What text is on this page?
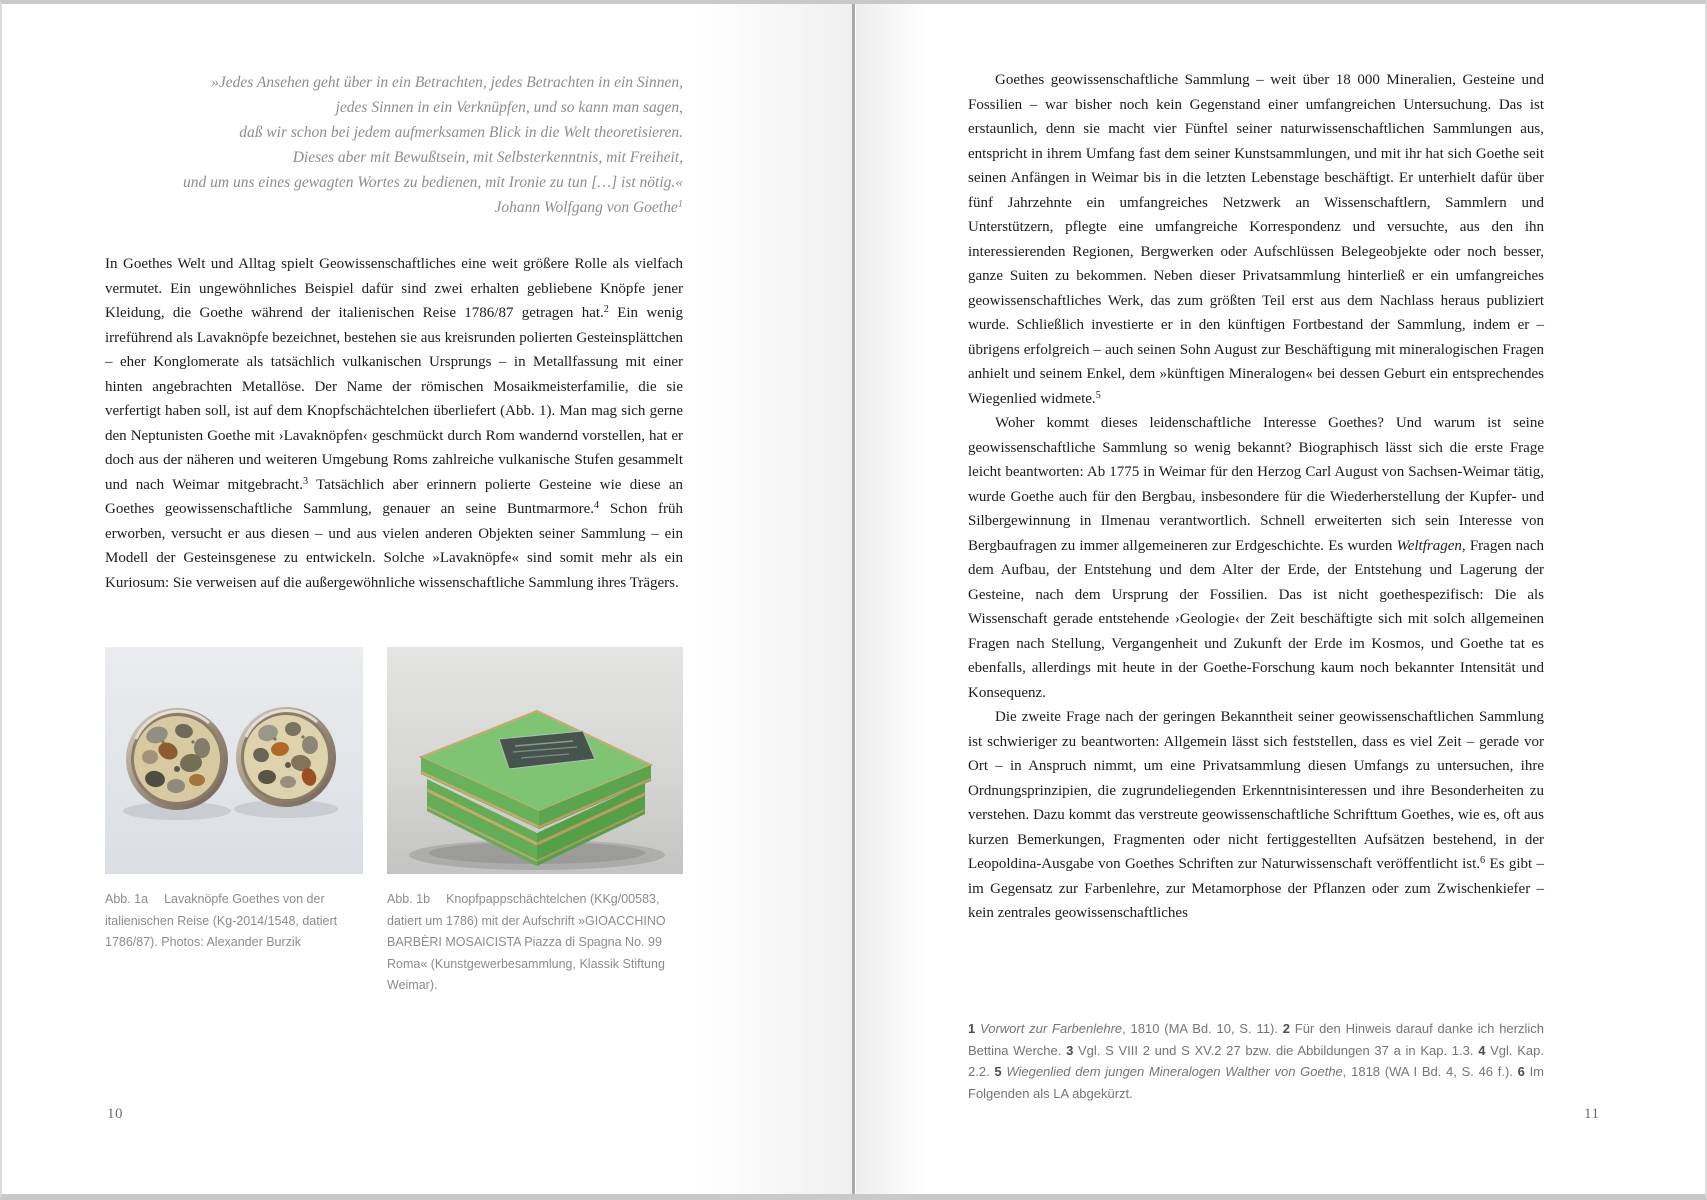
»Jedes Ansehen geht über in ein Betrachten, jedes Betrachten in ein Sinnen,
jedes Sinnen in ein Verknüpfen, und so kann man sagen,
daß wir schon bei jedem aufmerksamen Blick in die Welt theoretisieren.
Dieses aber mit Bewußtsein, mit Selbsterkenntnis, mit Freiheit,
und um uns eines gewagten Wortes zu bedienen, mit Ironie zu tun […] ist nötig.«
Johann Wolfgang von Goethe$^1$

In Goethes Welt und Alltag spielt Geowissenschaftliches eine weit größere Rolle als vielfach vermutet. Ein ungewöhnliches Beispiel dafür sind zwei erhalten gebliebene Knöpfe jener Kleidung, die Goethe während der italienischen Reise 1786/87 getragen hat.$^2$ Ein wenig irreführend als Lavaknöpfe bezeichnet, bestehen sie aus kreisrunden polierten Gesteinsplättchen – eher Konglomerate als tatsächlich vulkanischen Ursprungs – in Metallfassung mit einer hinten angebrachten Metallöse. Der Name der römischen Mosaikmeisterfamilie, die sie verfertigt haben soll, ist auf dem Knopfschächtelchen überliefert (Abb. 1). Man mag sich gerne den Neptunisten Goethe mit ›Lavaknöpfen‹ geschmückt durch Rom wandernd vorstellen, hat er doch aus der näheren und weiteren Umgebung Roms zahlreiche vulkanische Stufen gesammelt und nach Weimar mitgebracht.$^3$ Tatsächlich aber erinnern polierte Gesteine wie diese an Goethes geowissenschaftliche Sammlung, genauer an seine Buntmarmore.$^4$ Schon früh erworben, versucht er aus diesen – und aus vielen anderen Objekten seiner Sammlung – ein Modell der Gesteinsgenese zu entwickeln. Solche »Lavaknöpfe« sind somit mehr als ein Kuriosum: Sie verweisen auf die außergewöhnliche wissenschaftliche Sammlung ihres Trägers.

Abb. 1a Lavaknöpfe Goethes von der italienischen Reise (Kg-2014/1548, datiert 1786/87). Photos: Alexander Burzik
Abb. 1b Knopfpappschächtelchen (KKg/00583, datiert um 1786) mit der Aufschrift »GIOACCHINO BARBÈRI MOSAICISTA Piazza di Spagna No. 99 Roma« (Kunstgewerbesammlung, Klassik Stiftung Weimar).
10

Goethes geowissenschaftliche Sammlung – weit über 18 000 Mineralien, Gesteine und Fossilien – war bisher noch kein Gegenstand einer umfangreichen Untersuchung. Das ist erstaunlich, denn sie macht vier Fünftel seiner naturwissenschaftlichen Sammlungen aus, entspricht in ihrem Umfang fast dem seiner Kunstsammlungen, und mit ihr hat sich Goethe seit seinen Anfängen in Weimar bis in die letzten Lebenstage beschäftigt. Er unterhielt dafür über fünf Jahrzehnte ein umfangreiches Netzwerk an Wissenschaftlern, Sammlern und Unterstützern, pflegte eine umfangreiche Korrespondenz und versuchte, aus den ihn interessierenden Regionen, Bergwerken oder Aufschlüssen Belegeobjekte oder noch besser, ganze Suiten zu bekommen. Neben dieser Privatsammlung hinterließ er ein umfangreiches geowissenschaftliches Werk, das zum größten Teil erst aus dem Nachlass heraus publiziert wurde. Schließlich investierte er in den künftigen Fortbestand der Sammlung, indem er – übrigens erfolgreich – auch seinen Sohn August zur Beschäftigung mit mineralogischen Fragen anhielt und seinem Enkel, dem »künftigen Mineralogen« bei dessen Geburt ein entsprechendes Wiegenlied widmete.$^5$

Woher kommt dieses leidenschaftliche Interesse Goethes? Und warum ist seine geowissenschaftliche Sammlung so wenig bekannt? Biographisch lässt sich die erste Frage leicht beantworten: Ab 1775 in Weimar für den Herzog Carl August von Sachsen-Weimar tätig, wurde Goethe auch für den Bergbau, insbesondere für die Wiederherstellung der Kupfer- und Silbergewinnung in Ilmenau verantwortlich. Schnell erweiterten sich sein Interesse von Bergbaufragen zu immer allgemeineren zur Erdgeschichte. Es wurden Weltfragen, Fragen nach dem Aufbau, der Entstehung und dem Alter der Erde, der Entstehung und Lagerung der Gesteine, nach dem Ursprung der Fossilien. Das ist nicht goethespezifisch: Die als Wissenschaft gerade entstehende ›Geologie‹ der Zeit beschäftigte sich mit solch allgemeinen Fragen nach Stellung, Vergangenheit und Zukunft der Erde im Kosmos, und Goethe tat es ebenfalls, allerdings mit heute in der Goethe-Forschung kaum noch bekannter Intensität und Konsequenz.

Die zweite Frage nach der geringen Bekanntheit seiner geowissenschaftlichen Sammlung ist schwieriger zu beantworten: Allgemein lässt sich feststellen, dass es viel Zeit – gerade vor Ort – in Anspruch nimmt, um eine Privatsammlung diesen Umfangs zu untersuchen, ihre Ordnungsprinzipien, die zugrundeliegenden Erkenntnisinteressen und ihre Besonderheiten zu verstehen. Dazu kommt das verstreute geowissenschaftliche Schrifttum Goethes, wie es, oft aus kurzen Bemerkungen, Fragmenten oder nicht fertiggestellten Aufsätzen bestehend, in der Leopoldina-Ausgabe von Goethes Schriften zur Naturwissenschaft veröffentlicht ist.$^6$ Es gibt – im Gegensatz zur Farbenlehre, zur Metamorphose der Pflanzen oder zum Zwischenkiefer – kein zentrales geowissenschaftliches

1 Vorwort zur Farbenlehre, 1810 (MA Bd. 10, S. 11). 2 Für den Hinweis darauf danke ich herzlich Bettina Werche. 3 Vgl. S VIII 2 und S XV.2 27 bzw. die Abbildungen 37 a in Kap. 1.3. 4 Vgl. Kap. 2.2. 5 Wiegenlied dem jungen Mineralogen Walther von Goethe, 1818 (WA I Bd. 4, S. 46 f.). 6 Im Folgenden als LA abgekürzt.
11
